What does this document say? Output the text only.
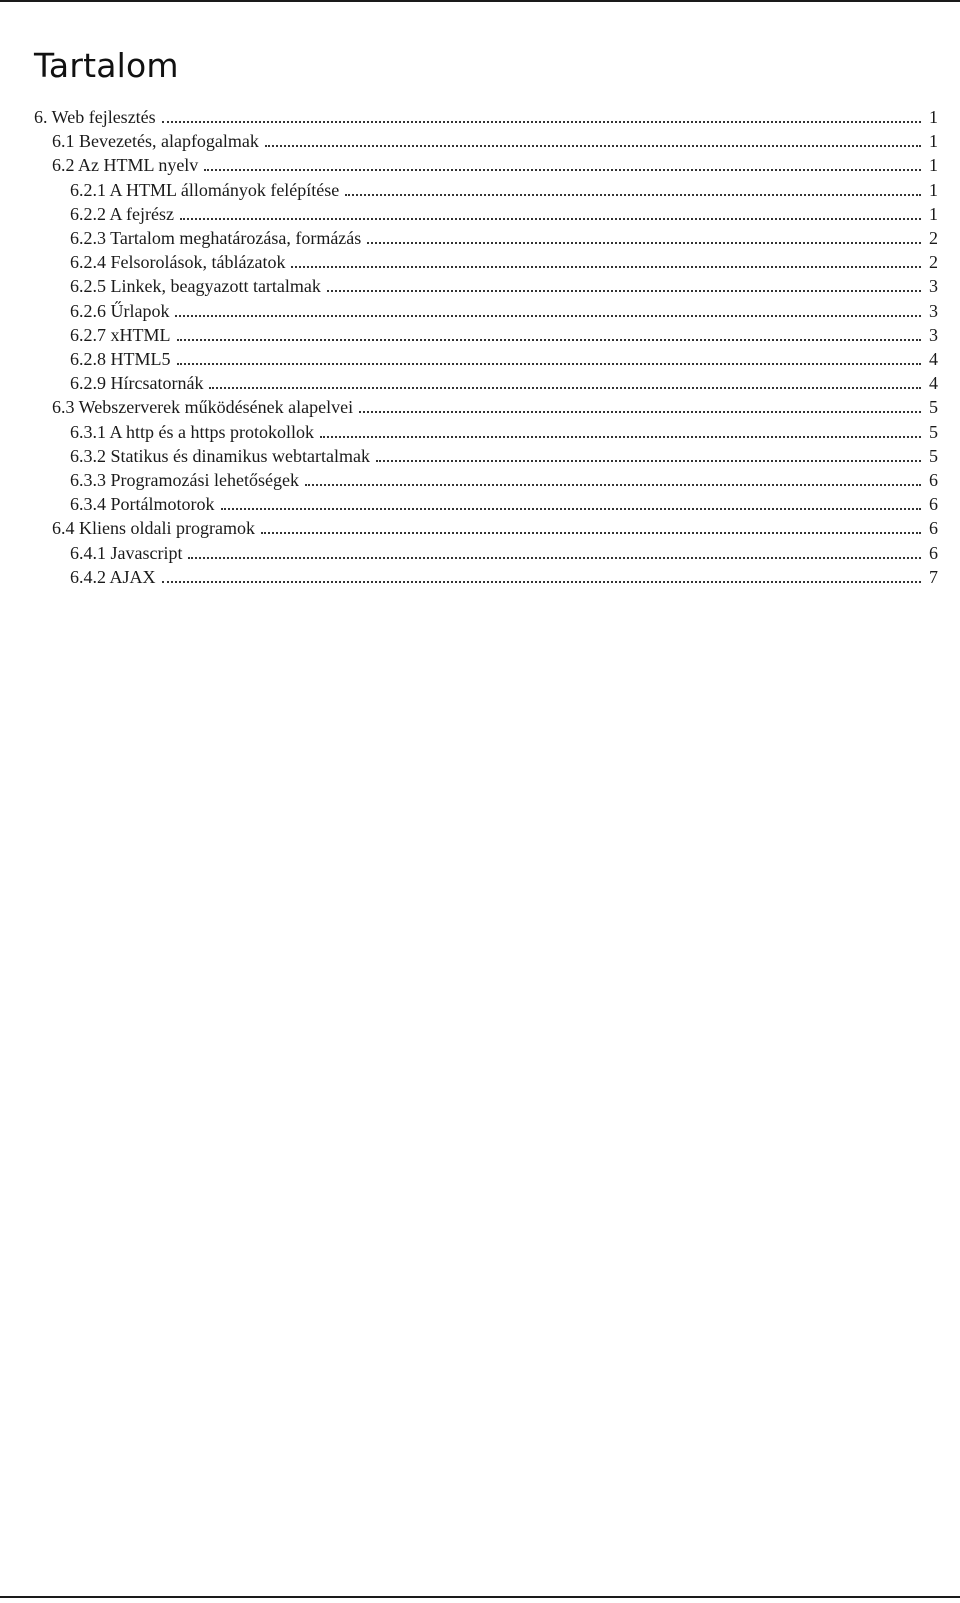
Tartalom
6. Web fejlesztés	1
6.1 Bevezetés, alapfogalmak	1
6.2 Az HTML nyelv	1
6.2.1 A HTML állományok felépítése	1
6.2.2 A fejrész	1
6.2.3 Tartalom meghatározása, formázás	2
6.2.4 Felsorolások, táblázatok	2
6.2.5 Linkek, beagyazott tartalmak	3
6.2.6 Űrlapok	3
6.2.7 xHTML	3
6.2.8 HTML5	4
6.2.9 Hírcsatornák	4
6.3 Webszerverek működésének alapelvei	5
6.3.1 A http és a https protokollok	5
6.3.2 Statikus és dinamikus webtartalmak	5
6.3.3 Programozási lehetőségek	6
6.3.4 Portálmotorok	6
6.4 Kliens oldali programok	6
6.4.1 Javascript	6
6.4.2 AJAX	7
